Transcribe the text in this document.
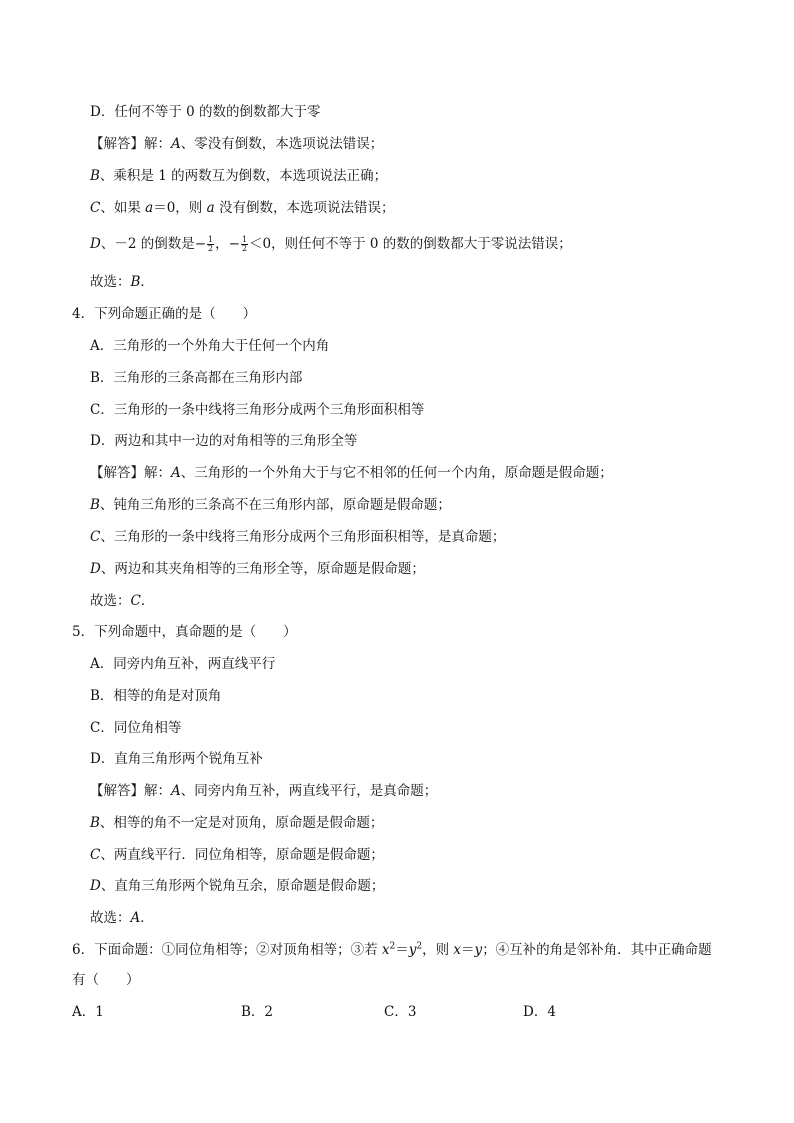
D．任何不等于 0 的数的倒数都大于零
【解答】解：A、零没有倒数，本选项说法错误；
B、乘积是 1 的两数互为倒数，本选项说法正确；
C、如果 a＝0，则 a 没有倒数，本选项说法错误；
D、－2 的倒数是− $\frac{1}{2}$ ，− $\frac{1}{2} <0$，则任何不等于 0 的数的倒数都大于零说法错误；
故选：B．
4．下列命题正确的是（　　）
A．三角形的一个外角大于任何一个内角
B．三角形的三条高都在三角形内部
C．三角形的一条中线将三角形分成两个三角形面积相等
D．两边和其中一边的对角相等的三角形全等
【解答】解：A、三角形的一个外角大于与它不相邻的任何一个内角，原命题是假命题；
B、钝角三角形的三条高不在三角形内部，原命题是假命题；
C、三角形的一条中线将三角形分成两个三角形面积相等，是真命题；
D、两边和其夹角相等的三角形全等，原命题是假命题；
故选：C．
5．下列命题中，真命题的是（　　）
A．同旁内角互补，两直线平行
B．相等的角是对顶角
C．同位角相等
D．直角三角形两个锐角互补
【解答】解：A、同旁内角互补，两直线平行，是真命题；
B、相等的角不一定是对顶角，原命题是假命题；
C、两直线平行．同位角相等，原命题是假命题；
D、直角三角形两个锐角互余，原命题是假命题；
故选：A．
6．下面命题：①同位角相等；②对顶角相等；③若 $x^2=y^2$，则 x＝y；④互补的角是邻补角．其中正确命题
有（　　）
A．1	B．2	C．3	D．4
